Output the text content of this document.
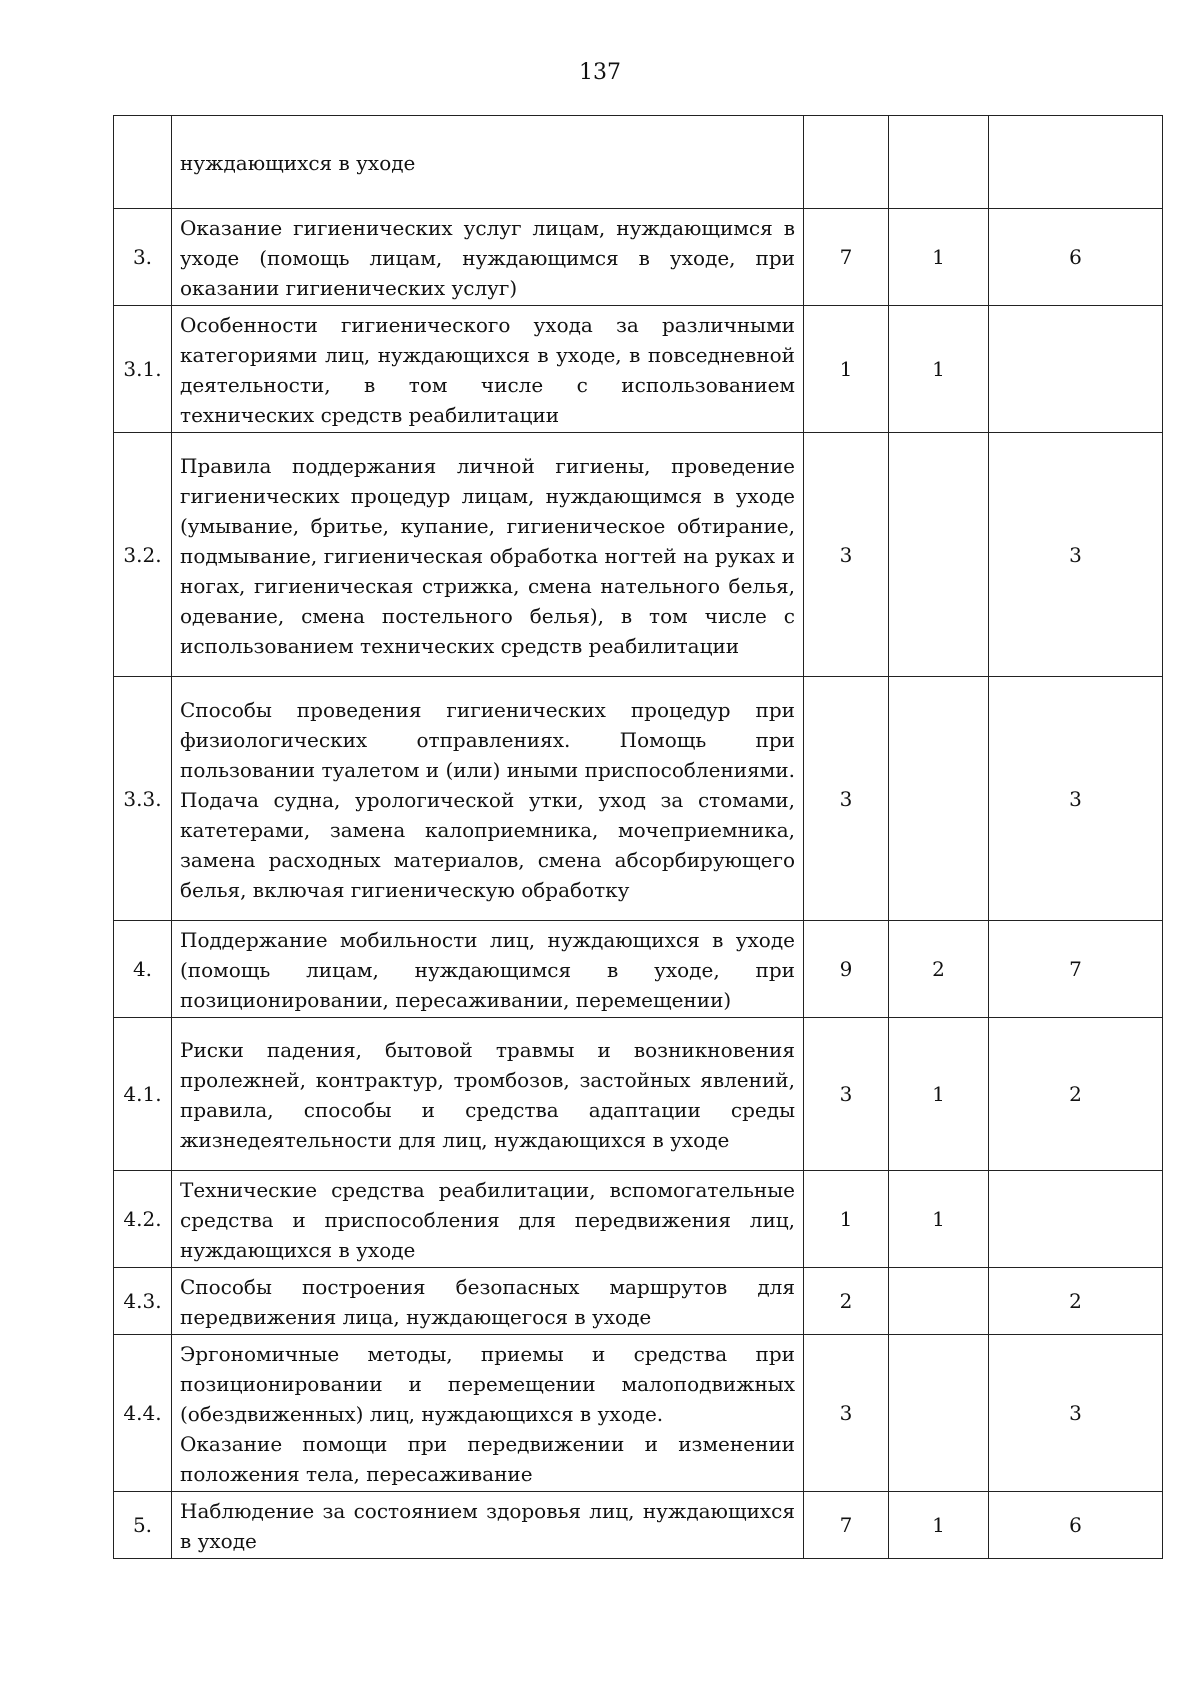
137
	нуждающихся в уходе			
3.	Оказание гигиенических услуг лицам, нуждающимся в уходе (помощь лицам, нуждающимся в уходе, при оказании гигиенических услуг)	7	1	6
3.1.	Особенности гигиенического ухода за различными категориями лиц, нуждающихся в уходе, в повседневной деятельности, в том числе с использованием технических средств реабилитации	1	1	
3.2.	Правила поддержания личной гигиены, проведение гигиенических процедур лицам, нуждающимся в уходе (умывание, бритье, купание, гигиеническое обтирание, подмывание, гигиеническая обработка ногтей на руках и ногах, гигиеническая стрижка, смена нательного белья, одевание, смена постельного белья), в том числе с использованием технических средств реабилитации	3		3
3.3.	Способы проведения гигиенических процедур при физиологических отправлениях. Помощь при пользовании туалетом и (или) иными приспособлениями. Подача судна, урологической утки, уход за стомами, катетерами, замена калоприемника, мочеприемника, замена расходных материалов, смена абсорбирующего белья, включая гигиеническую обработку	3		3
4.	Поддержание мобильности лиц, нуждающихся в уходе (помощь лицам, нуждающимся в уходе, при позиционировании, пересаживании, перемещении)	9	2	7
4.1.	Риски падения, бытовой травмы и возникновения пролежней, контрактур, тромбозов, застойных явлений, правила, способы и средства адаптации среды жизнедеятельности для лиц, нуждающихся в уходе	3	1	2
4.2.	Технические средства реабилитации, вспомогательные средства и приспособления для передвижения лиц, нуждающихся в уходе	1	1	
4.3.	Способы построения безопасных маршрутов для передвижения лица, нуждающегося в уходе	2		2
4.4.	Эргономичные методы, приемы и средства при позиционировании и перемещении малоподвижных (обездвиженных) лиц, нуждающихся в уходе.
Оказание помощи при передвижении и изменении положения тела, пересаживание	3		3
5.	Наблюдение за состоянием здоровья лиц, нуждающихся в уходе	7	1	6
